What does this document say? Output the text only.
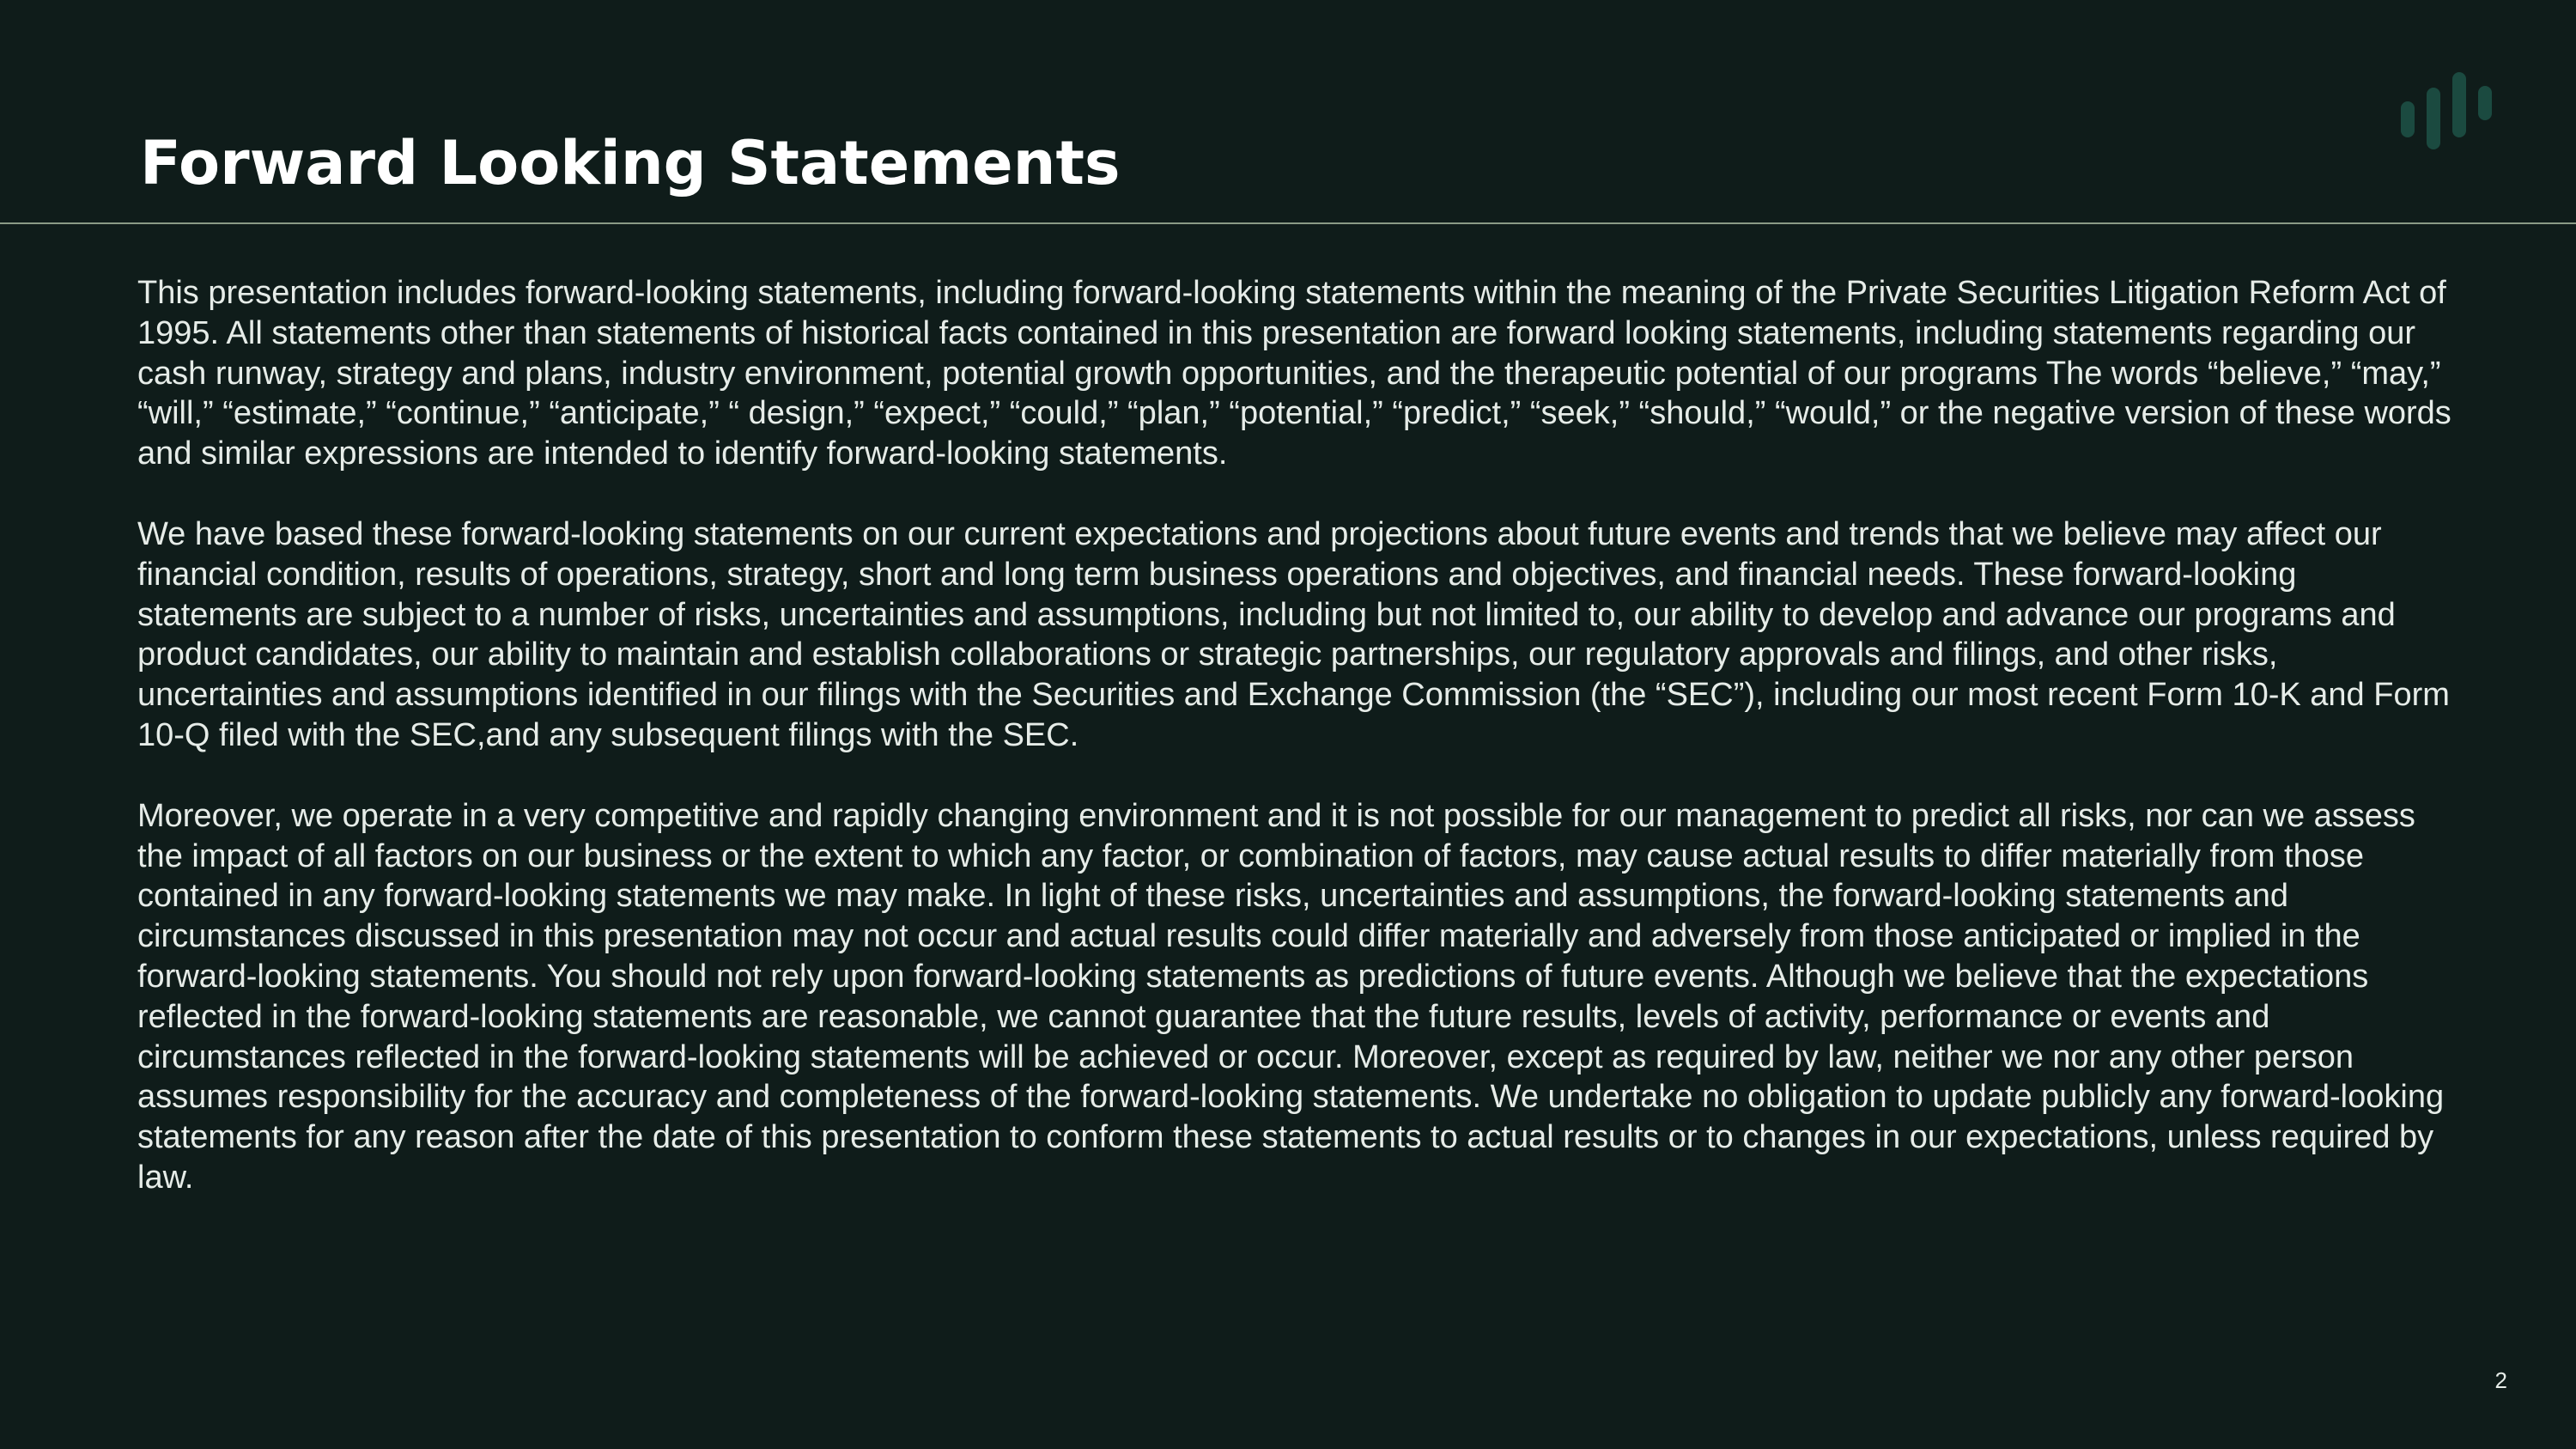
Forward Looking Statements

This presentation includes forward-looking statements, including forward-looking statements within the meaning of the Private Securities Litigation Reform Act of 1995. All statements other than statements of historical facts contained in this presentation are forward looking statements, including statements regarding our cash runway, strategy and plans, industry environment, potential growth opportunities, and the therapeutic potential of our programs The words “believe,” “may,” “will,” “estimate,” “continue,” “anticipate,” “ design,” “expect,” “could,” “plan,” “potential,” “predict,” “seek,” “should,” “would,” or the negative version of these words and similar expressions are intended to identify forward-looking statements.

We have based these forward-looking statements on our current expectations and projections about future events and trends that we believe may affect our financial condition, results of operations, strategy, short and long term business operations and objectives, and financial needs. These forward-looking statements are subject to a number of risks, uncertainties and assumptions, including but not limited to, our ability to develop and advance our programs and product candidates, our ability to maintain and establish collaborations or strategic partnerships, our regulatory approvals and filings, and other risks, uncertainties and assumptions identified in our filings with the Securities and Exchange Commission (the “SEC”), including our most recent Form 10-K and Form 10-Q filed with the SEC,and any subsequent filings with the SEC.

Moreover, we operate in a very competitive and rapidly changing environment and it is not possible for our management to predict all risks, nor can we assess the impact of all factors on our business or the extent to which any factor, or combination of factors, may cause actual results to differ materially from those contained in any forward-looking statements we may make. In light of these risks, uncertainties and assumptions, the forward-looking statements and circumstances discussed in this presentation may not occur and actual results could differ materially and adversely from those anticipated or implied in the forward-looking statements. You should not rely upon forward-looking statements as predictions of future events. Although we believe that the expectations reflected in the forward-looking statements are reasonable, we cannot guarantee that the future results, levels of activity, performance or events and circumstances reflected in the forward-looking statements will be achieved or occur. Moreover, except as required by law, neither we nor any other person assumes responsibility for the accuracy and completeness of the forward-looking statements. We undertake no obligation to update publicly any forward-looking statements for any reason after the date of this presentation to conform these statements to actual results or to changes in our expectations, unless required by law.

2
